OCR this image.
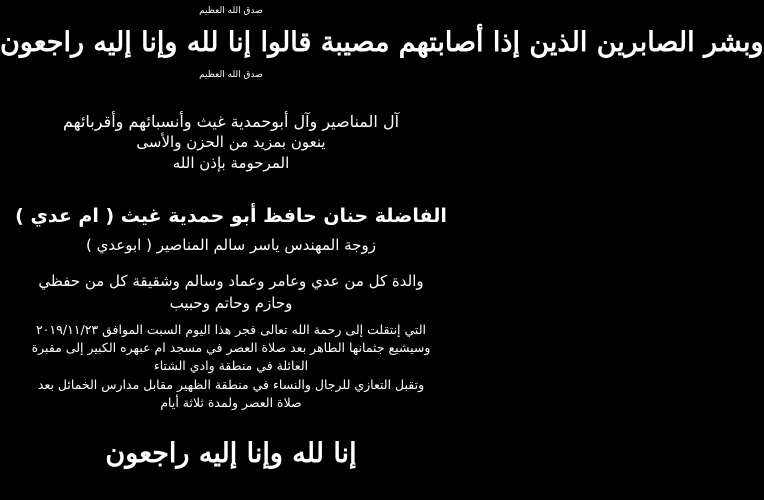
صدق الله العظيم
وبشر الصابرين الذين إذا أصابتهم مصيبة قالوا إنا لله وإنا إليه راجعون
صدق الله العظيم
آل المناصير وآل أبوحمدية غيث وأنسبائهم وأقربائهم
ينعون بمزيد من الحزن والأسى
المرحومة بإذن الله
الفاضلة حنان حافظ أبو حمدية غيث ( ام عدي )
زوجة المهندس ياسر سالم المناصير ( ابوعدي )
والدة كل من عدي وعامر وعماد وسالم وشقيقة كل من حفظي
وحازم وحاتم وحبيب
التي إنتقلت إلى رحمة الله تعالى فجر هذا اليوم السبت الموافق ٢٠١٩/١١/٢٣
وسيشيع جثمانها الطاهر بعد صلاة العصر في مسجد ام عبهره الكبير إلى مقبرة
العائلة في منطقة وادي الشتاء
وتقبل التعازي للرجال والنساء في منطقة الظهير مقابل مدارس الخمائل بعد
صلاة العصر ولمدة ثلاثة أيام
إنا لله وإنا إليه راجعون
